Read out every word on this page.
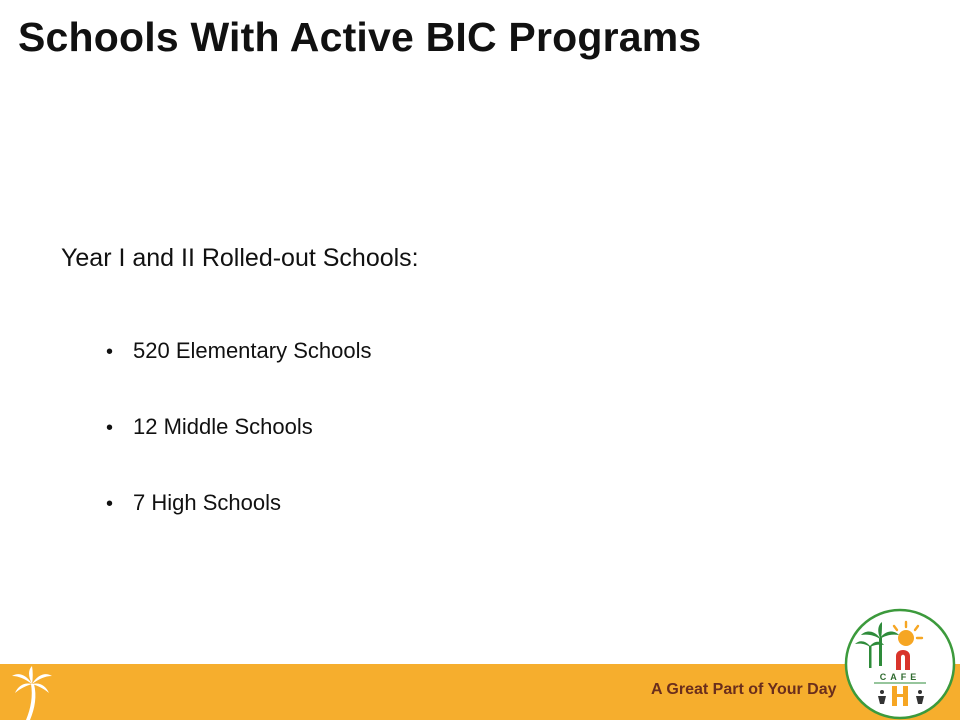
Schools With Active BIC Programs
Year I and II Rolled-out Schools:
• 520 Elementary Schools
• 12 Middle Schools
• 7 High Schools
A Great Part of Your Day
CAFE
